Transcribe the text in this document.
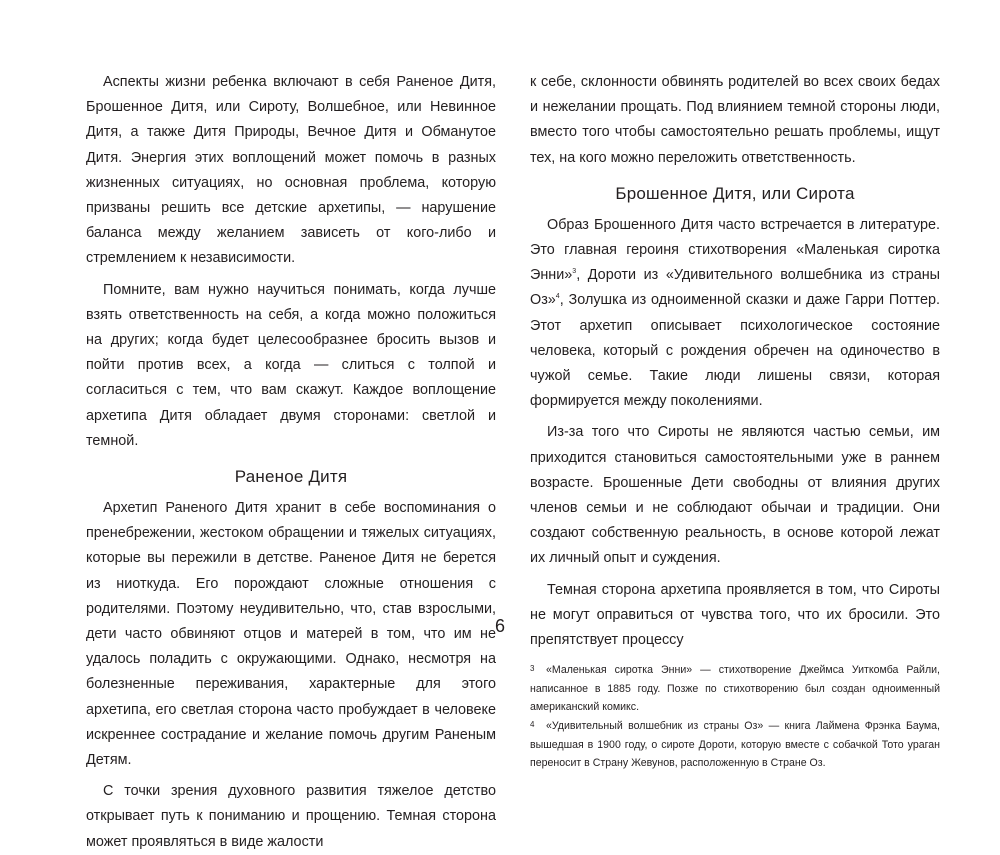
Аспекты жизни ребенка включают в себя Раненое Дитя, Брошенное Дитя, или Сироту, Волшебное, или Невинное Дитя, а также Дитя Природы, Вечное Дитя и Обманутое Дитя. Энергия этих воплощений может помочь в разных жизненных ситуациях, но основная проблема, которую призваны решить все детские архетипы, — нарушение баланса между желанием зависеть от кого-либо и стремлением к независимости.

Помните, вам нужно научиться понимать, когда лучше взять ответственность на себя, а когда можно положиться на других; когда будет целесообразнее бросить вызов и пойти против всех, а когда — слиться с толпой и согласиться с тем, что вам скажут. Каждое воплощение архетипа Дитя обладает двумя сторонами: светлой и темной.

Раненое Дитя

Архетип Раненого Дитя хранит в себе воспоминания о пренебрежении, жестоком обращении и тяжелых ситуациях, которые вы пережили в детстве. Раненое Дитя не берется из ниоткуда. Его порождают сложные отношения с родителями. Поэтому неудивительно, что, став взрослыми, дети часто обвиняют отцов и матерей в том, что им не удалось поладить с окружающими. Однако, несмотря на болезненные переживания, характерные для этого архетипа, его светлая сторона часто пробуждает в человеке искреннее сострадание и желание помочь другим Раненым Детям.

С точки зрения духовного развития тяжелое детство открывает путь к пониманию и прощению. Темная сторона может проявляться в виде жалости

к себе, склонности обвинять родителей во всех своих бедах и нежелании прощать. Под влиянием темной стороны люди, вместо того чтобы самостоятельно решать проблемы, ищут тех, на кого можно переложить ответственность.

Брошенное Дитя, или Сирота

Образ Брошенного Дитя часто встречается в литературе. Это главная героиня стихотворения «Маленькая сиротка Энни»$^3$, Дороти из «Удивительного волшебника из страны Оз»$^4$, Золушка из одноименной сказки и даже Гарри Поттер. Этот архетип описывает психологическое состояние человека, который с рождения обречен на одиночество в чужой семье. Такие люди лишены связи, которая формируется между поколениями.

Из-за того что Сироты не являются частью семьи, им приходится становиться самостоятельными уже в раннем возрасте. Брошенные Дети свободны от влияния других членов семьи и не соблюдают обычаи и традиции. Они создают собственную реальность, в основе которой лежат их личный опыт и суждения.

Темная сторона архетипа проявляется в том, что Сироты не могут оправиться от чувства того, что их бросили. Это препятствует процессу

3 «Маленькая сиротка Энни» — стихотворение Джеймса Уиткомба Райли, написанное в 1885 году. Позже по стихотворению был создан одноименный американский комикс.

4 «Удивительный волшебник из страны Оз» — книга Лаймена Фрэнка Баума, вышедшая в 1900 году, о сироте Дороти, которую вместе с собачкой Тото ураган переносит в Страну Жевунов, расположенную в Стране Оз.

6
